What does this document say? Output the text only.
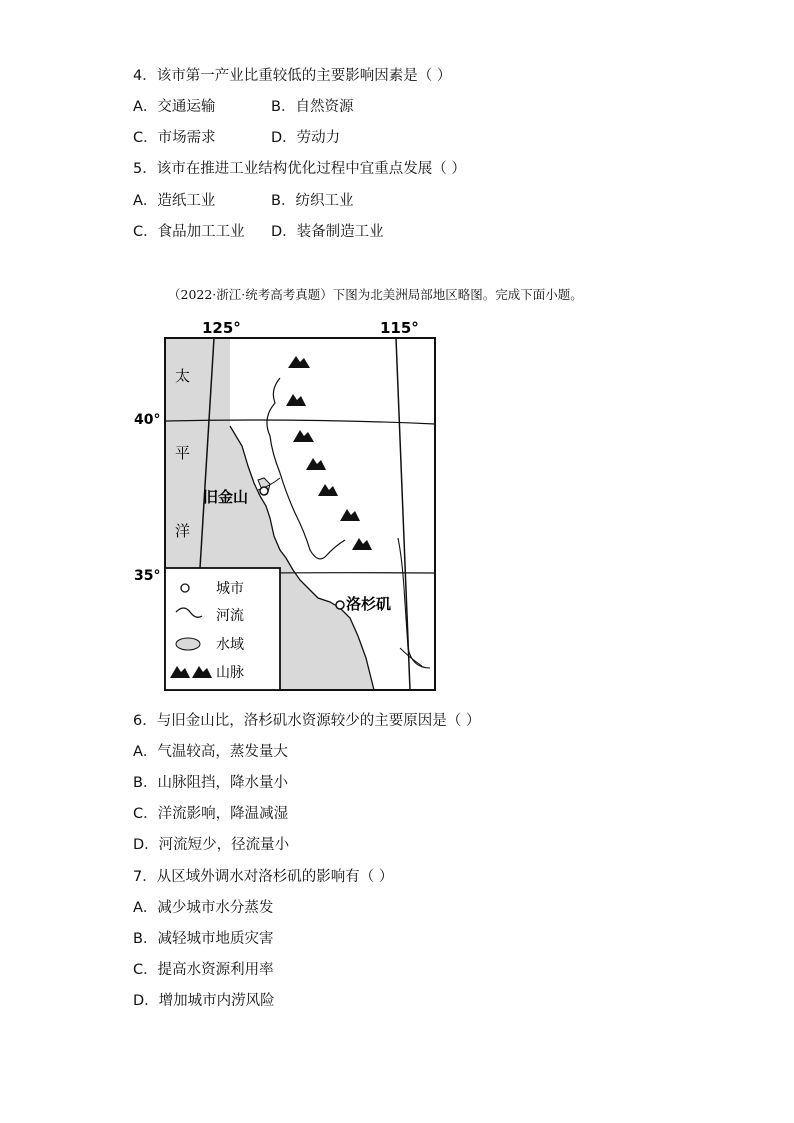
4．该市第一产业比重较低的主要影响因素是（ ）
A．交通运输	B．自然资源
C．市场需求	D．劳动力
5．该市在推进工业结构优化过程中宜重点发展（ ）
A．造纸工业	B．纺织工业
C．食品加工工业 D．装备制造工业
（2022·浙江·统考高考真题）下图为北美洲局部地区略图。完成下面小题。
125°	115°
40°
35°
太
平
洋
旧金山
洛杉矶
城市
河流
水域
山脉
6．与旧金山比，洛杉矶水资源较少的主要原因是（ ）
A．气温较高，蒸发量大
B．山脉阻挡，降水量小
C．洋流影响，降温减湿
D．河流短少，径流量小
7．从区域外调水对洛杉矶的影响有（ ）
A．减少城市水分蒸发
B．减轻城市地质灾害
C．提高水资源利用率
D．增加城市内涝风险
